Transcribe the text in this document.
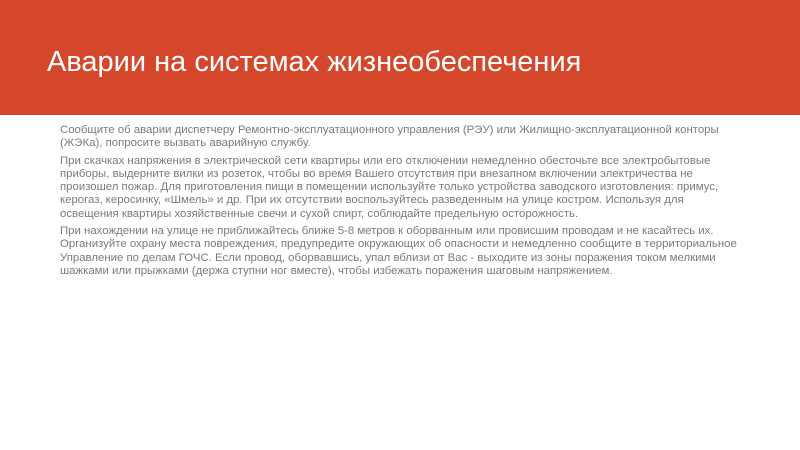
Аварии на системах жизнеобеспечения

Сообщите об аварии диспетчеру Ремонтно-эксплуатационного управления (РЭУ) или Жилищно-эксплуатационной конторы (ЖЭКа), попросите вызвать аварийную службу.

При скачках напряжения в электрической сети квартиры или его отключении немедленно обесточьте все электробытовые приборы, выдерните вилки из розеток, чтобы во время Вашего отсутствия при внезапном включении электричества не произошел пожар. Для приготовления пищи в помещении используйте только устройства заводского изготовления: примус, керогаз, керосинку, «Шмель» и др. При их отсутствии воспользуйтесь разведенным на улице костром. Используя для освещения квартиры хозяйственные свечи и сухой спирт, соблюдайте предельную осторожность.

При нахождении на улице не приближайтесь ближе 5-8 метров к оборванным или провисшим проводам и не касайтесь их. Организуйте охрану места повреждения, предупредите окружающих об опасности и немедленно сообщите в территориальное Управление по делам ГОЧС. Если провод, оборвавшись, упал вблизи от Вас - выходите из зоны поражения током мелкими шажками или прыжками (держа ступни ног вместе), чтобы избежать поражения шаговым напряжением.
